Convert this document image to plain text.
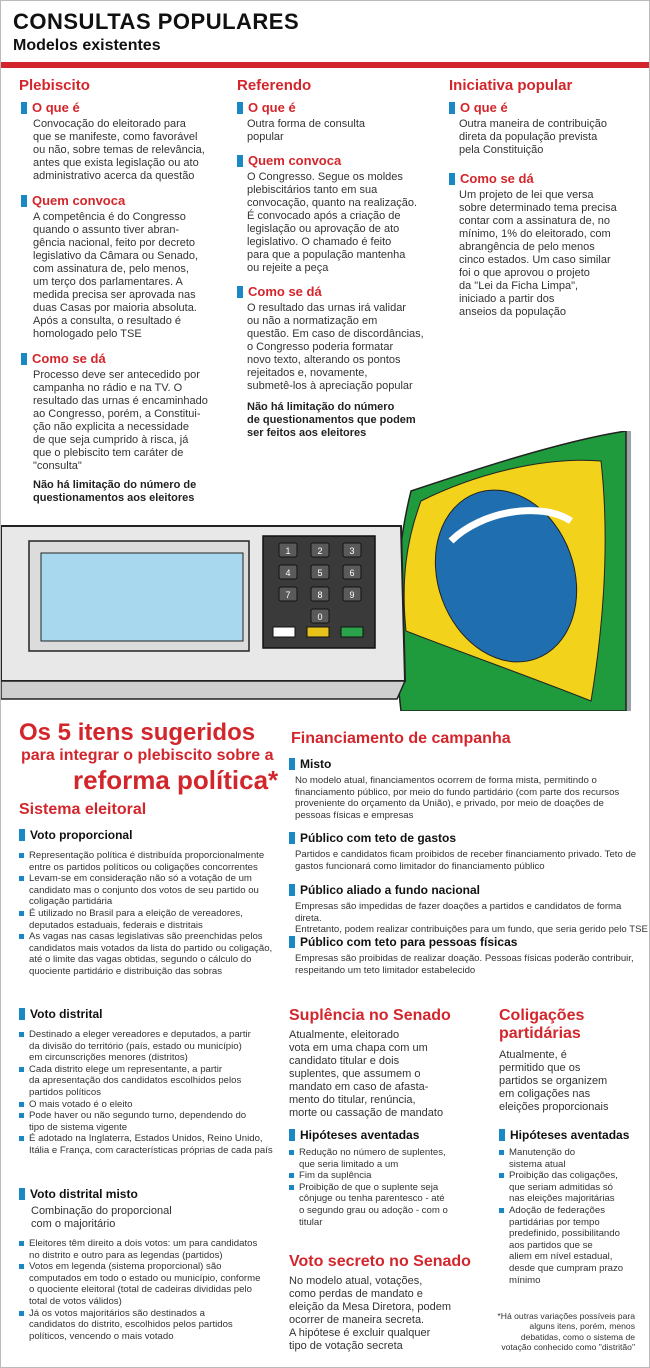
CONSULTAS POPULARES
Modelos existentes
Plebiscito
O que é
Convocação do eleitorado para
que se manifeste, como favorável
ou não, sobre temas de relevância,
antes que exista legislação ou ato
administrativo acerca da questão
Quem convoca
A competência é do Congresso
quando o assunto tiver abran-
gência nacional, feito por decreto
legislativo da Câmara ou Senado,
com assinatura de, pelo menos,
um terço dos parlamentares. A
medida precisa ser aprovada nas
duas Casas por maioria absoluta.
Após a consulta, o resultado é
homologado pelo TSE
Como se dá
Processo deve ser antecedido por
campanha no rádio e na TV. O
resultado das urnas é encaminhado
ao Congresso, porém, a Constitui-
ção não explicita a necessidade
de que seja cumprido à risca, já
que o plebiscito tem caráter de
"consulta"
Não há limitação do número de
questionamentos aos eleitores
Referendo
O que é
Outra forma de consulta
popular
Quem convoca
O Congresso. Segue os moldes
plebiscitários tanto em sua
convocação, quanto na realização.
É convocado após a criação de
legislação ou aprovação de ato
legislativo. O chamado é feito
para que a população mantenha
ou rejeite a peça
Como se dá
O resultado das urnas irá validar
ou não a normatização em
questão. Em caso de discordâncias,
o Congresso poderia formatar
novo texto, alterando os pontos
rejeitados e, novamente,
submetê-los à apreciação popular
Não há limitação do número
de questionamentos que podem
ser feitos aos eleitores
Iniciativa popular
O que é
Outra maneira de contribuição
direta da população prevista
pela Constituição
Como se dá
Um projeto de lei que versa
sobre determinado tema precisa
contar com a assinatura de, no
mínimo, 1% do eleitorado, com
abrangência de pelo menos
cinco estados. Um caso similar
foi o que aprovou o projeto
da "Lei da Ficha Limpa",
iniciado a partir dos
anseios da população
1	2	3
4	5	6
7	8	9
0
Os 5 itens sugeridos
para integrar o plebiscito sobre a
reforma política*
Sistema eleitoral
Voto proporcional
Representação política é distribuída proporcionalmente
entre os partidos políticos ou coligações concorrentes
Levam-se em consideração não só a votação de um
candidato mas o conjunto dos votos de seu partido ou
coligação partidária
É utilizado no Brasil para a eleição de vereadores,
deputados estaduais, federais e distritais
As vagas nas casas legislativas são preenchidas pelos
candidatos mais votados da lista do partido ou coligação,
até o limite das vagas obtidas, segundo o cálculo do
quociente partidário e distribuição das sobras
Voto distrital
Destinado a eleger vereadores e deputados, a partir
da divisão do território (país, estado ou município)
em circunscrições menores (distritos)
Cada distrito elege um representante, a partir
da apresentação dos candidatos escolhidos pelos
partidos políticos
O mais votado é o eleito
Pode haver ou não segundo turno, dependendo do
tipo de sistema vigente
É adotado na Inglaterra, Estados Unidos, Reino Unido,
Itália e França, com características próprias de cada país
Voto distrital misto
Combinação do proporcional
com o majoritário
Eleitores têm direito a dois votos: um para candidatos
no distrito e outro para as legendas (partidos)
Votos em legenda (sistema proporcional) são
computados em todo o estado ou município, conforme
o quociente eleitoral (total de cadeiras divididas pelo
total de votos válidos)
Já os votos majoritários são destinados a
candidatos do distrito, escolhidos pelos partidos
políticos, vencendo o mais votado
Financiamento de campanha
Misto
No modelo atual, financiamentos ocorrem de forma mista, permitindo o
financiamento público, por meio do fundo partidário (com parte dos recursos
proveniente do orçamento da União), e privado, por meio de doações de
pessoas físicas e empresas
Público com teto de gastos
Partidos e candidatos ficam proibidos de receber financiamento privado. Teto de
gastos funcionará como limitador do financiamento público
Público aliado a fundo nacional
Empresas são impedidas de fazer doações a partidos e candidatos de forma direta.
Entretanto, podem realizar contribuições para um fundo, que seria gerido pelo TSE
Público com teto para pessoas físicas
Empresas são proibidas de realizar doação. Pessoas físicas poderão contribuir,
respeitando um teto limitador estabelecido
Suplência no Senado
Atualmente, eleitorado
vota em uma chapa com um
candidato titular e dois
suplentes, que assumem o
mandato em caso de afasta-
mento do titular, renúncia,
morte ou cassação de mandato
Hipóteses aventadas
Redução no número de suplentes,
que seria limitado a um
Fim da suplência
Proibição de que o suplente seja
cônjuge ou tenha parentesco - até
o segundo grau ou adoção - com o
titular
Voto secreto no Senado
No modelo atual, votações,
como perdas de mandato e
eleição da Mesa Diretora, podem
ocorrer de maneira secreta.
A hipótese é excluir qualquer
tipo de votação secreta
Coligações
partidárias
Atualmente, é
permitido que os
partidos se organizem
em coligações nas
eleições proporcionais
Hipóteses aventadas
Manutenção do
sistema atual
Proibição das coligações,
que seriam admitidas só
nas eleições majoritárias
Adoção de federações
partidárias por tempo
predefinido, possibilitando
aos partidos que se
aliem em nível estadual,
desde que cumpram prazo
mínimo
*Há outras variações possíveis para
alguns itens, porém, menos
debatidas, como o sistema de
votação conhecido como "distritão"
